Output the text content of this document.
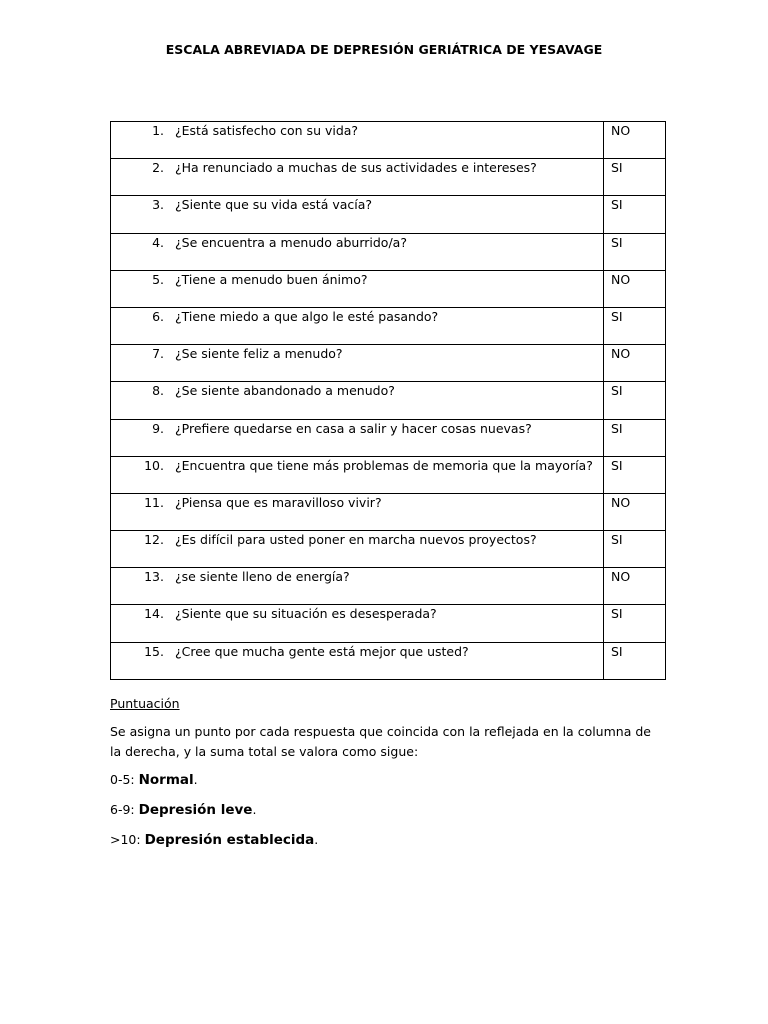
ESCALA ABREVIADA DE DEPRESIÓN GERIÁTRICA DE YESAVAGE
1. ¿Está satisfecho con su vida?	NO

2. ¿Ha renunciado a muchas de sus actividades e intereses?	SI

3. ¿Siente que su vida está vacía?	SI

4. ¿Se encuentra a menudo aburrido/a?	SI

5. ¿Tiene a menudo buen ánimo?	NO

6. ¿Tiene miedo a que algo le esté pasando?	SI

7. ¿Se siente feliz a menudo?	NO

8. ¿Se siente abandonado a menudo?	SI

9. ¿Prefiere quedarse en casa a salir y hacer cosas nuevas?	SI

10. ¿Encuentra que tiene más problemas de memoria que la mayoría?	SI

11. ¿Piensa que es maravilloso vivir?	NO

12. ¿Es difícil para usted poner en marcha nuevos proyectos?	SI

13. ¿se siente lleno de energía?	NO

14. ¿Siente que su situación es desesperada?	SI

15. ¿Cree que mucha gente está mejor que usted?	SI

Puntuación

Se asigna un punto por cada respuesta que coincida con la reflejada en la columna de la derecha, y la suma total se valora como sigue:

0-5: Normal.

6-9: Depresión leve.

>10: Depresión establecida.
